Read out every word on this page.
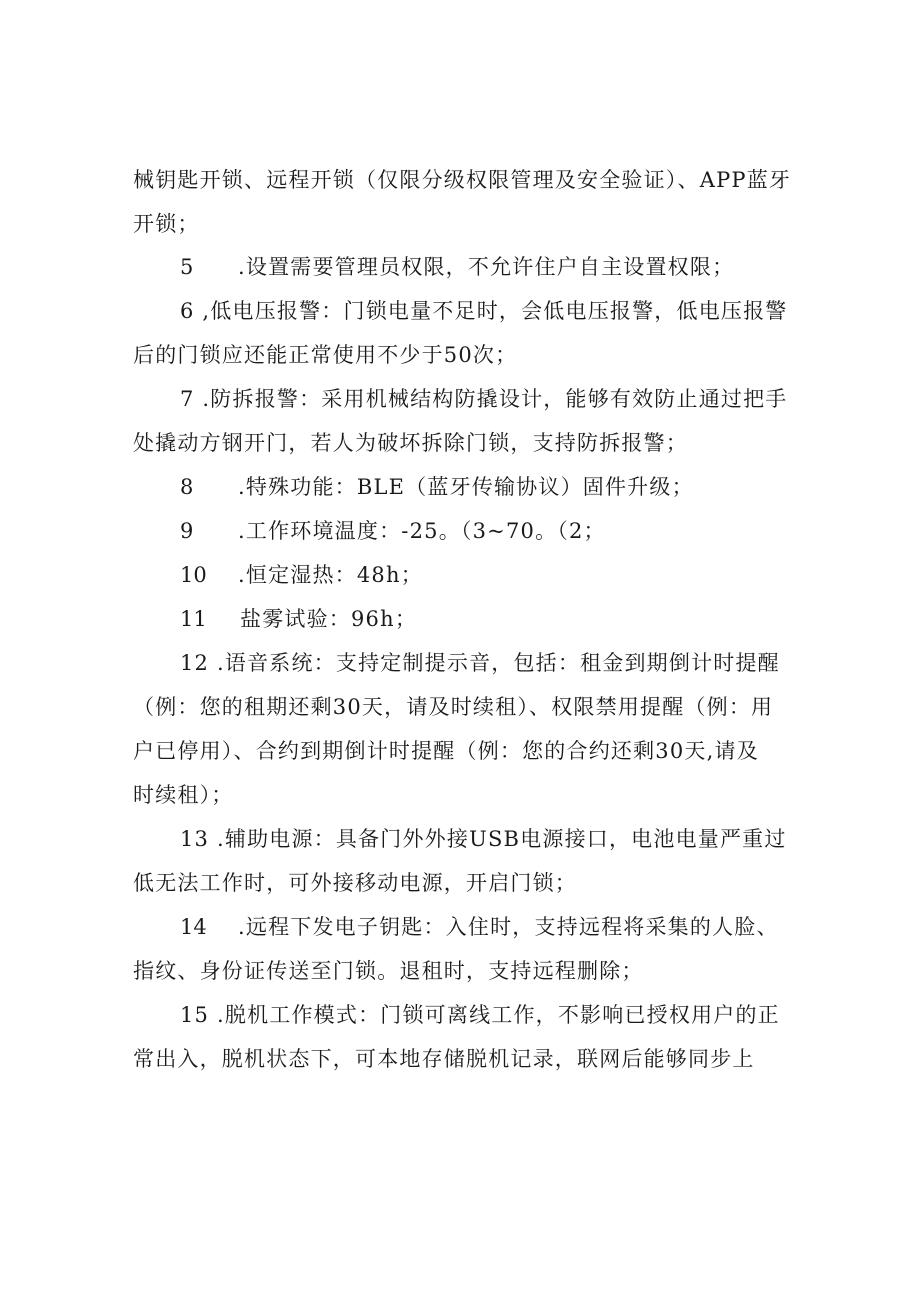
械钥匙开锁、远程开锁（仅限分级权限管理及安全验证）、APP蓝牙
开锁；
5 .设置需要管理员权限，不允许住户自主设置权限；
6 ,低电压报警：门锁电量不足时，会低电压报警，低电压报警
后的门锁应还能正常使用不少于50次；
7 .防拆报警：采用机械结构防撬设计，能够有效防止通过把手
处撬动方钢开门，若人为破坏拆除门锁，支持防拆报警；
8 .特殊功能：BLE（蓝牙传输协议）固件升级；
9 .工作环境温度：-25。（3~70。（2；
10 .恒定湿热：48h；
11 盐雾试验：96h；
12 .语音系统：支持定制提示音，包括：租金到期倒计时提醒
（例：您的租期还剩30天，请及时续租）、权限禁用提醒（例：用
户已停用）、合约到期倒计时提醒（例：您的合约还剩30天,请及
时续租）；
13 .辅助电源：具备门外外接USB电源接口，电池电量严重过
低无法工作时，可外接移动电源，开启门锁；
14 .远程下发电子钥匙：入住时，支持远程将采集的人脸、
指纹、身份证传送至门锁。退租时，支持远程删除；
15 .脱机工作模式：门锁可离线工作，不影响已授权用户的正
常出入，脱机状态下，可本地存储脱机记录，联网后能够同步上
